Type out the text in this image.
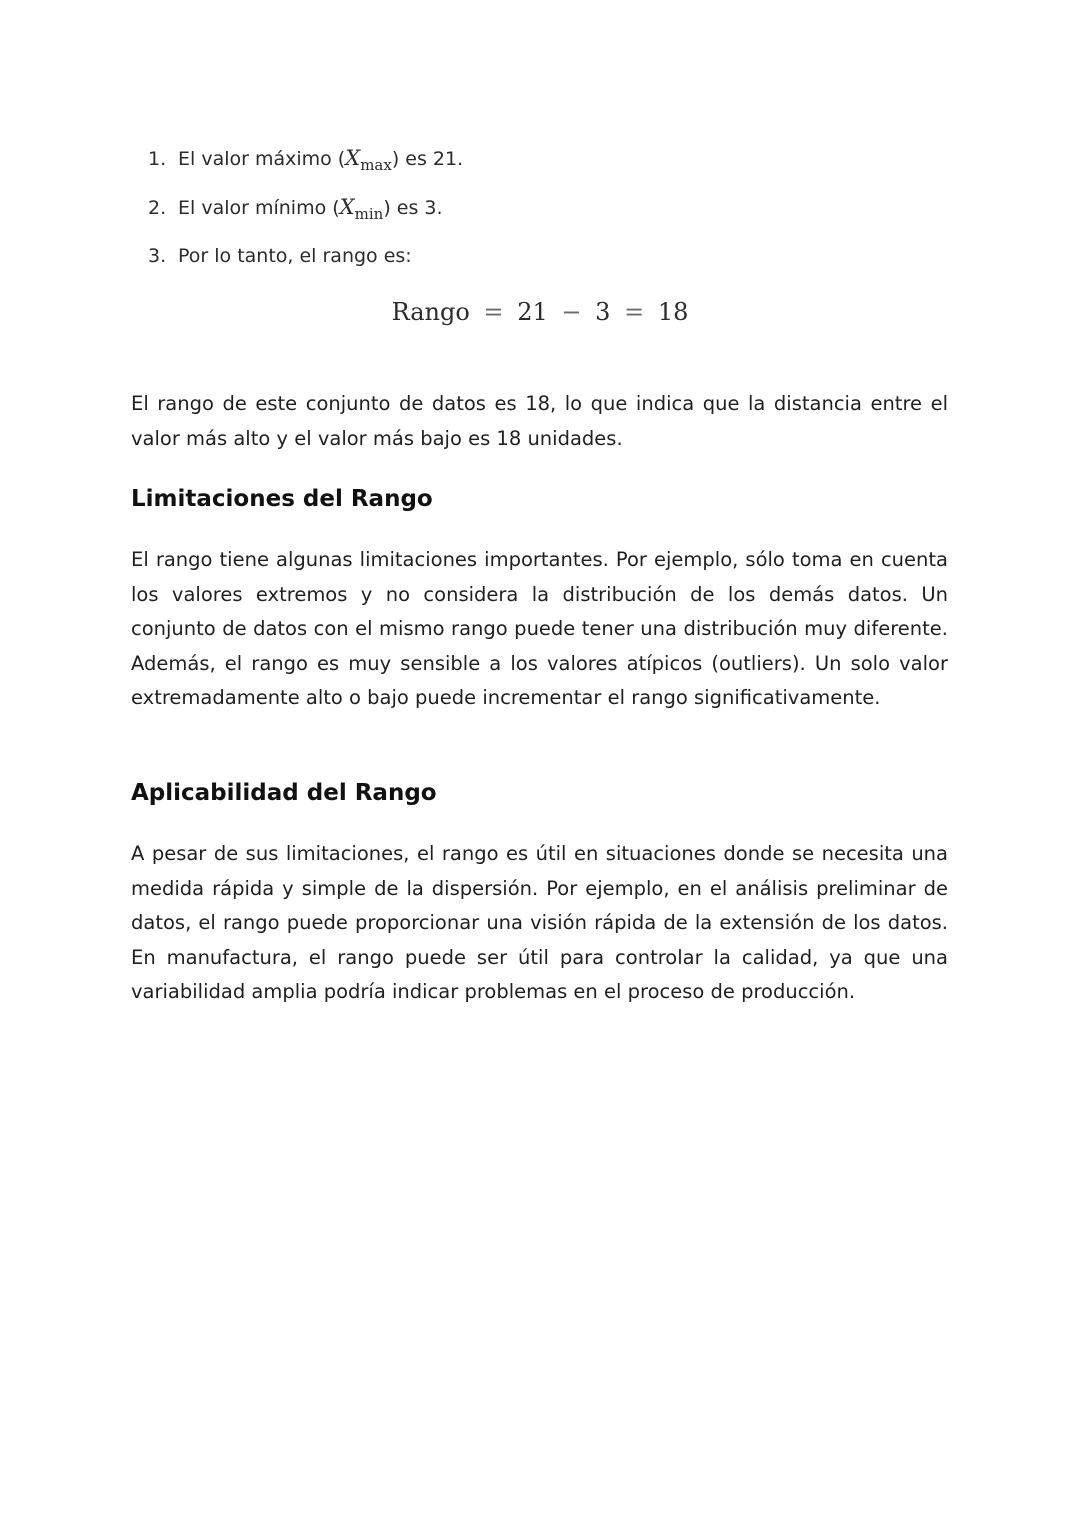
1. El valor máximo $(X_{max})$ es 21.
2. El valor mínimo $(X_{min})$ es 3.
3. Por lo tanto, el rango es:
Rango = 21 − 3 = 18

El rango de este conjunto de datos es 18, lo que indica que la distancia entre el valor más alto y el valor más bajo es 18 unidades.

Limitaciones del Rango

El rango tiene algunas limitaciones importantes. Por ejemplo, sólo toma en cuenta los valores extremos y no considera la distribución de los demás datos. Un conjunto de datos con el mismo rango puede tener una distribución muy diferente. Además, el rango es muy sensible a los valores atípicos (outliers). Un solo valor extremadamente alto o bajo puede incrementar el rango significativamente.

Aplicabilidad del Rango

A pesar de sus limitaciones, el rango es útil en situaciones donde se necesita una medida rápida y simple de la dispersión. Por ejemplo, en el análisis preliminar de datos, el rango puede proporcionar una visión rápida de la extensión de los datos. En manufactura, el rango puede ser útil para controlar la calidad, ya que una variabilidad amplia podría indicar problemas en el proceso de producción.
